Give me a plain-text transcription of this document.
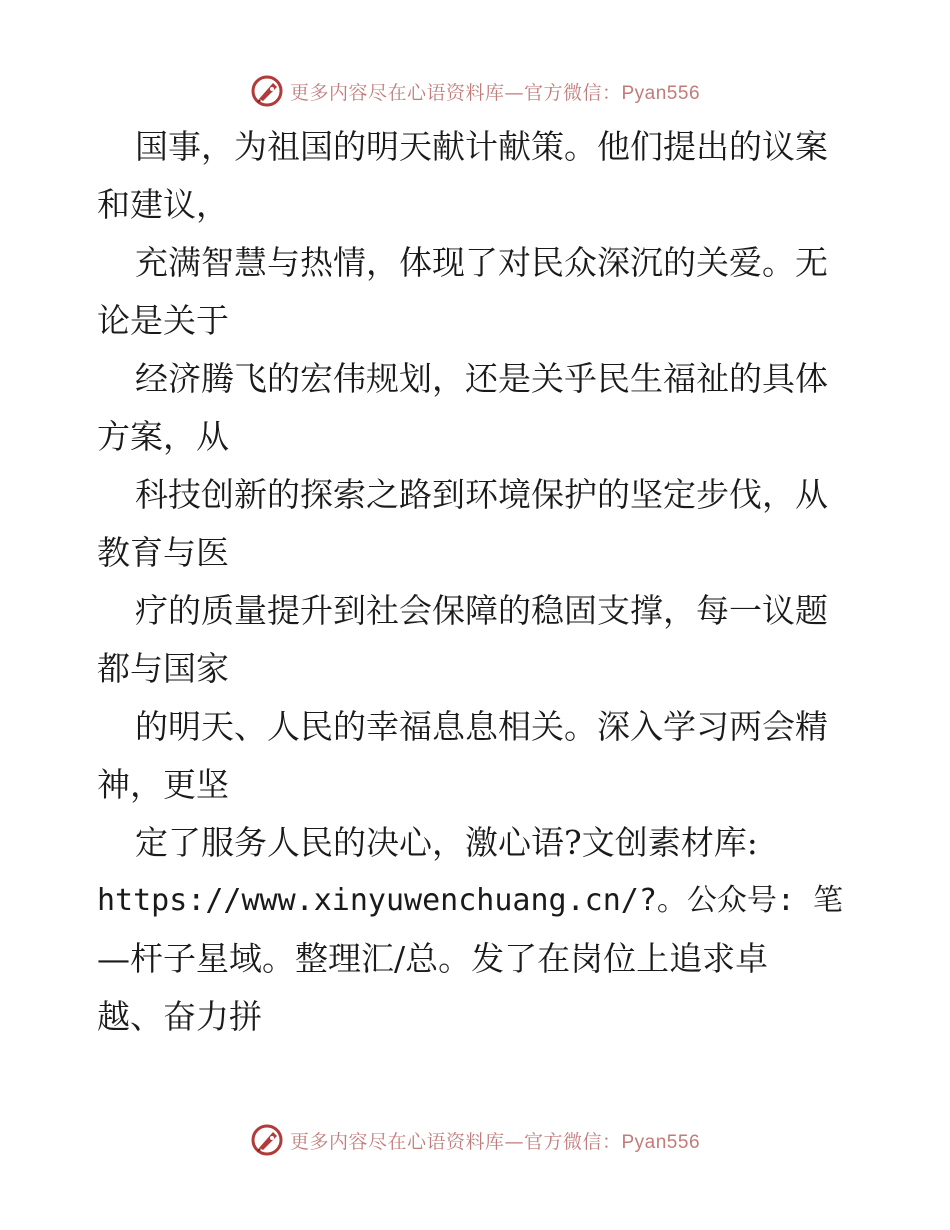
更多内容尽在心语资料库—官方微信：Pyan556
国事，为祖国的明天献计献策。他们提出的议案
和建议，
充满智慧与热情，体现了对民众深沉的关爱。无
论是关于
经济腾飞的宏伟规划，还是关乎民生福祉的具体
方案，从
科技创新的探索之路到环境保护的坚定步伐，从
教育与医
疗的质量提升到社会保障的稳固支撑，每一议题
都与国家
的明天、人民的幸福息息相关。深入学习两会精
神，更坚
定了服务人民的决心，激心语?文创素材库:
https://www.xinyuwenchuang.cn/?。公众号: 笔
—杆子星域。整理汇/总。发了在岗位上追求卓
越、奋力拼
更多内容尽在心语资料库—官方微信：Pyan556
